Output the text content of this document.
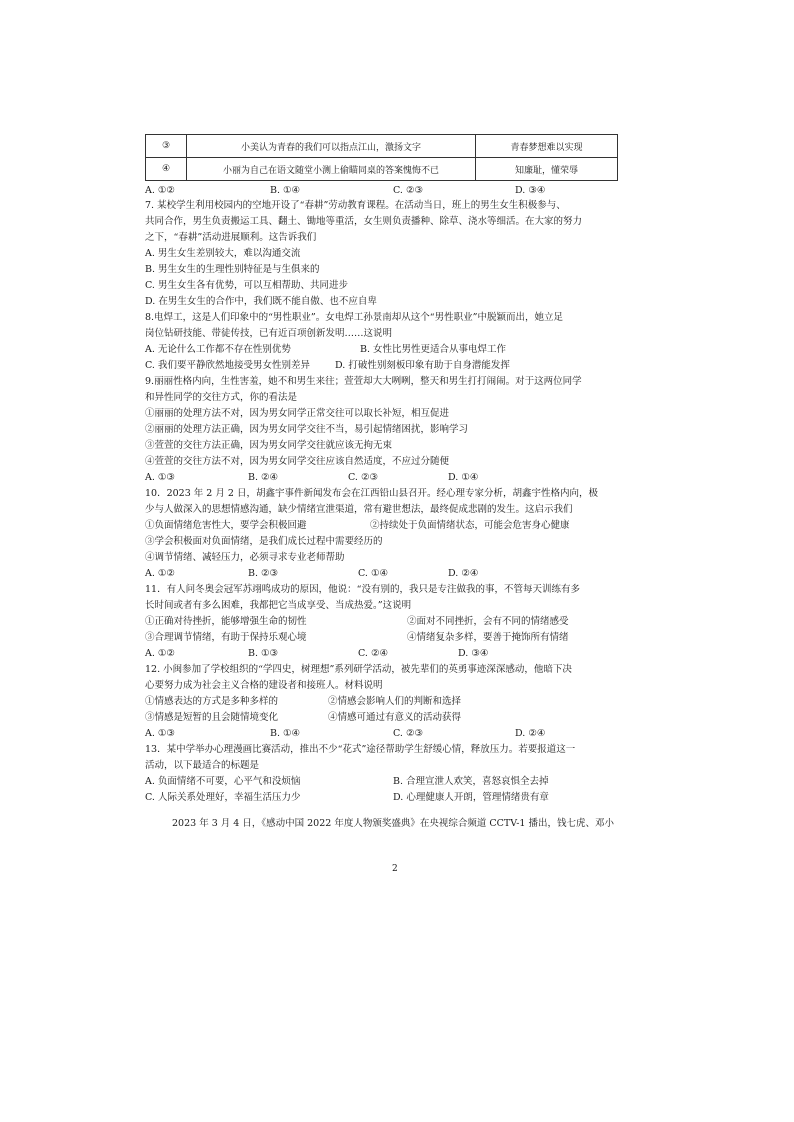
③	小美认为青春的我们可以指点江山，激扬文字	青春梦想难以实现
④	小丽为自己在语文随堂小测上偷瞄同桌的答案愧悔不已	知廉耻，懂荣辱
A. ①②	B. ①④	C. ②③	D. ③④
7. 某校学生利用校园内的空地开设了“春耕”劳动教育课程。在活动当日，班上的男生女生积极参与、
共同合作，男生负责搬运工具、翻土、锄地等重活，女生则负责播种、除草、浇水等细活。在大家的努力
之下，“春耕”活动进展顺利。这告诉我们
A. 男生女生差别较大，难以沟通交流
B. 男生女生的生理性别特征是与生俱来的
C. 男生女生各有优势，可以互相帮助、共同进步
D. 在男生女生的合作中，我们既不能自傲、也不应自卑
8.电焊工，这是人们印象中的“男性职业”。女电焊工孙景南却从这个“男性职业”中脱颖而出，她立足
岗位钻研技能、带徒传技，已有近百项创新发明……这说明
A. 无论什么工作都不存在性别优势	B. 女性比男性更适合从事电焊工作
C. 我们要平静欣然地接受男女性别差异	D. 打破性别刻板印象有助于自身潜能发挥
9.丽丽性格内向，生性害羞，她不和男生来往；萱萱却大大咧咧，整天和男生打打闹闹。对于这两位同学
和异性同学的交往方式，你的看法是
①丽丽的处理方法不对，因为男女同学正常交往可以取长补短，相互促进
②丽丽的处理方法正确，因为男女同学交往不当，易引起情绪困扰，影响学习
③萱萱的交往方法正确，因为男女同学交往就应该无拘无束
④萱萱的交往方法不对，因为男女同学交往应该自然适度，不应过分随便
A. ①③	B. ②④	C. ②③	D. ①④
10．2023 年 2 月 2 日，胡鑫宇事件新闻发布会在江西铅山县召开。经心理专家分析，胡鑫宇性格内向，极
少与人做深入的思想情感沟通，缺少情绪宣泄渠道，常有避世想法，最终促成悲剧的发生。这启示我们
①负面情绪危害性大，要学会积极回避	②持续处于负面情绪状态，可能会危害身心健康
③学会积极面对负面情绪，是我们成长过程中需要经历的
④调节情绪、减轻压力，必须寻求专业老师帮助
A. ①②	B. ②③	C. ①④	D. ②④
11．有人问冬奥会冠军苏翊鸣成功的原因，他说：“没有别的，我只是专注做我的事，不管每天训练有多
长时间或者有多么困难，我都把它当成享受、当成热爱。”这说明
①正确对待挫折，能够增强生命的韧性	②面对不同挫折，会有不同的情绪感受
③合理调节情绪，有助于保持乐观心境	④情绪复杂多样，要善于掩饰所有情绪
A. ①②	B. ①③	C. ②④	D. ③④
12. 小闽参加了学校组织的“学四史，树理想”系列研学活动，被先辈们的英勇事迹深深感动，他暗下决
心要努力成为社会主义合格的建设者和接班人。材料说明
①情感表达的方式是多种多样的	②情感会影响人们的判断和选择
③情感是短暂的且会随情境变化	④情感可通过有意义的活动获得
A. ①③	B. ①④	C. ②③	D. ②④
13．某中学举办心理漫画比赛活动，推出不少“花式”途径帮助学生舒缓心情，释放压力。若要报道这一
活动，以下最适合的标题是
A. 负面情绪不可要，心平气和没烦恼	B. 合理宣泄人欢笑，喜怒哀惧全去掉
C. 人际关系处理好，幸福生活压力少	D. 心理健康人开朗，管理情绪贵有章
2023 年 3 月 4 日，《感动中国 2022 年度人物颁奖盛典》在央视综合频道 CCTV-1 播出，钱七虎、邓小
2
